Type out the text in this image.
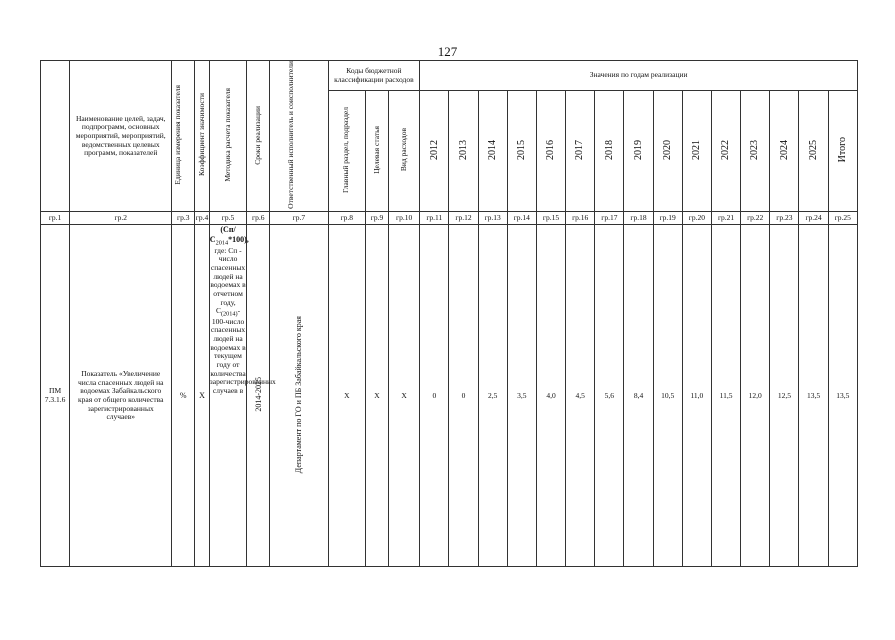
127
	Наименование целей, задач, подпрограмм, основных мероприятий, мероприятий, ведомственных целевых программ, показателей	Единица измерения показателя	Коэффициент значимости	Методика расчета показателя	Сроки реализации	Ответственный исполнитель и соисполнители	Коды бюджетной классификации расходов			Значения по годам реализации														
							Главный раздел, подраздел	Целевая статья	Вид расходов	2012	2013	2014	2015	2016	2017	2018	2019	2020	2021	2022	2023	2024	2025	Итого
гр.1	гр.2	гр.3	гр.4	гр.5	гр.6	гр.7	гр.8	гр.9	гр.10	гр.11	гр.12	гр.13	гр.14	гр.15	гр.16	гр.17	гр.18	гр.19	гр.20	гр.21	гр.22	гр.23	гр.24	гр.25
ПМ 7.3.1.6	Показатель «Увеличение числа спасенных людей на водоемах Забайкальского края от общего количества зарегистрированных случаев»	%	X	$(Сп/С_{2014}*100)$, где: Сп - число спасенных людей на водоемах в отчетном году, $С_{(2014)}-$ 100-число спасенных людей на водоемах в текущем году от количества зарегистрированных случаев в	2014-2025	Департамент по ГО и ПБ Забайкальского края	X	X	X	0	0	2,5	3,5	4,0	4,5	5,6	8,4	10,5	11,0	11,5	12,0	12,5	13,5	13,5
